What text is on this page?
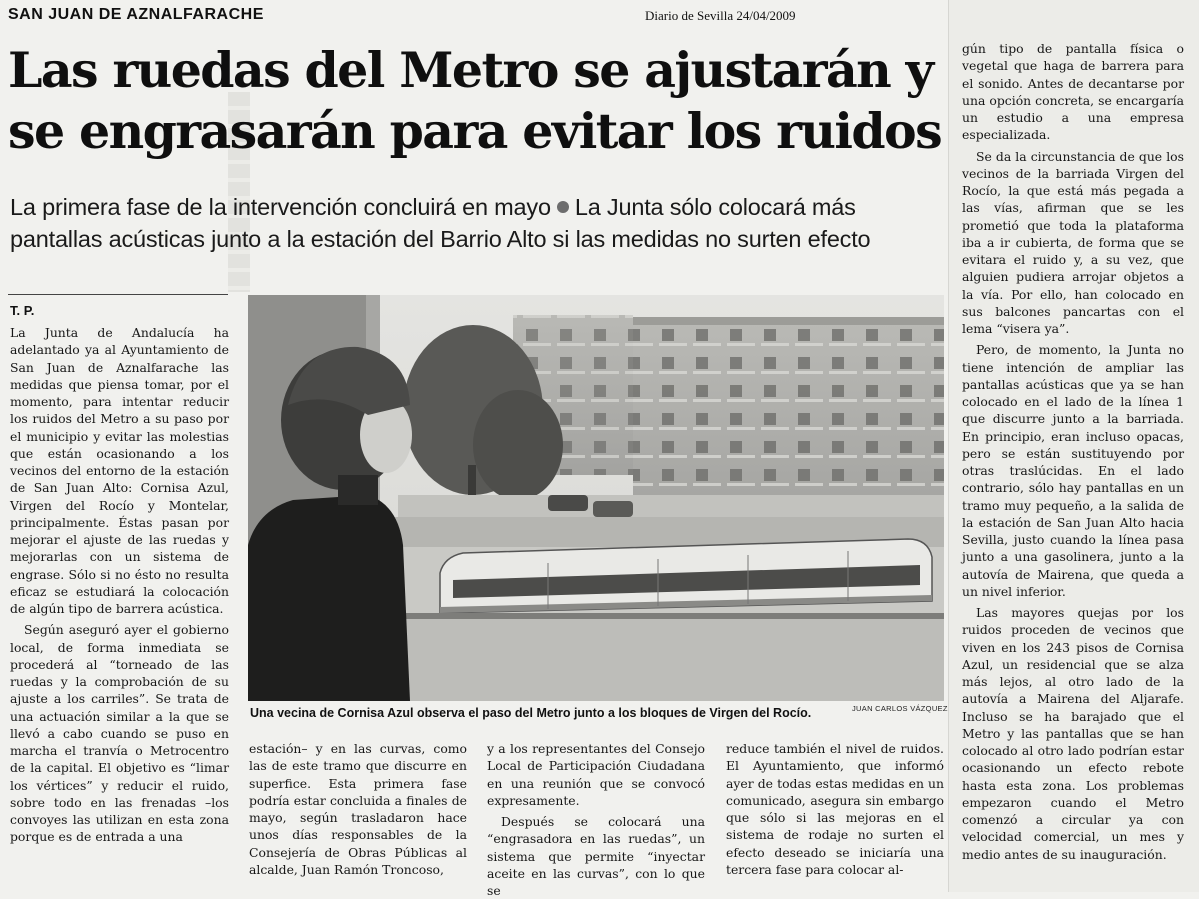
SAN JUAN DE AZNALFARACHE	Diario de Sevilla 24/04/2009
Las ruedas del Metro se ajustarán y
se engrasarán para evitar los ruidos
La primera fase de la intervención concluirá en mayo La Junta sólo colocará más pantallas acústicas junto a la estación del Barrio Alto si las medidas no surten efecto
T. P.

La Junta de Andalucía ha adelantado ya al Ayuntamiento de San Juan de Aznalfarache las medidas que piensa tomar, por el momento, para intentar reducir los ruidos del Metro a su paso por el municipio y evitar las molestias que están ocasionando a los vecinos del entorno de la estación de San Juan Alto: Cornisa Azul, Virgen del Rocío y Montelar, principalmente. Éstas pasan por mejorar el ajuste de las ruedas y mejorarlas con un sistema de engrase. Sólo si no ésto no resulta eficaz se estudiará la colocación de algún tipo de barrera acústica.

Según aseguró ayer el gobierno local, de forma inmediata se procederá al “torneado de las ruedas y la comprobación de su ajuste a los carriles”. Se trata de una actuación similar a la que se llevó a cabo cuando se puso en marcha el tranvía o Metrocentro de la capital. El objetivo es “limar los vértices” y reducir el ruido, sobre todo en las frenadas –los convoyes las utilizan en esta zona porque es de entrada a una

JUAN CARLOS VÁZQUEZ
Una vecina de Cornisa Azul observa el paso del Metro junto a los bloques de Virgen del Rocío.

estación– y en las curvas, como las de este tramo que discurre en superfice. Esta primera fase podría estar concluida a finales de mayo, según trasladaron hace unos días responsables de la Consejería de Obras Públicas al alcalde, Juan Ramón Troncoso,

y a los representantes del Consejo Local de Participación Ciudadana en una reunión que se convocó expresamente.

Después se colocará una “engrasadora en las ruedas”, un sistema que permite “inyectar aceite en las curvas”, con lo que se

reduce también el nivel de ruidos. El Ayuntamiento, que informó ayer de todas estas medidas en un comunicado, asegura sin embargo que sólo si las mejoras en el sistema de rodaje no surten el efecto deseado se iniciaría una tercera fase para colocar al-

gún tipo de pantalla física o vegetal que haga de barrera para el sonido. Antes de decantarse por una opción concreta, se encargaría un estudio a una empresa especializada.

Se da la circunstancia de que los vecinos de la barriada Virgen del Rocío, la que está más pegada a las vías, afirman que se les prometió que toda la plataforma iba a ir cubierta, de forma que se evitara el ruido y, a su vez, que alguien pudiera arrojar objetos a la vía. Por ello, han colocado en sus balcones pancartas con el lema “visera ya”.

Pero, de momento, la Junta no tiene intención de ampliar las pantallas acústicas que ya se han colocado en el lado de la línea 1 que discurre junto a la barriada. En principio, eran incluso opacas, pero se están sustituyendo por otras traslúcidas. En el lado contrario, sólo hay pantallas en un tramo muy pequeño, a la salida de la estación de San Juan Alto hacia Sevilla, justo cuando la línea pasa junto a una gasolinera, junto a la autovía de Mairena, que queda a un nivel inferior.

Las mayores quejas por los ruidos proceden de vecinos que viven en los 243 pisos de Cornisa Azul, un residencial que se alza más lejos, al otro lado de la autovía a Mairena del Aljarafe. Incluso se ha barajado que el Metro y las pantallas que se han colocado al otro lado podrían estar ocasionando un efecto rebote hasta esta zona. Los problemas empezaron cuando el Metro comenzó a circular ya con velocidad comercial, un mes y medio antes de su inauguración.
